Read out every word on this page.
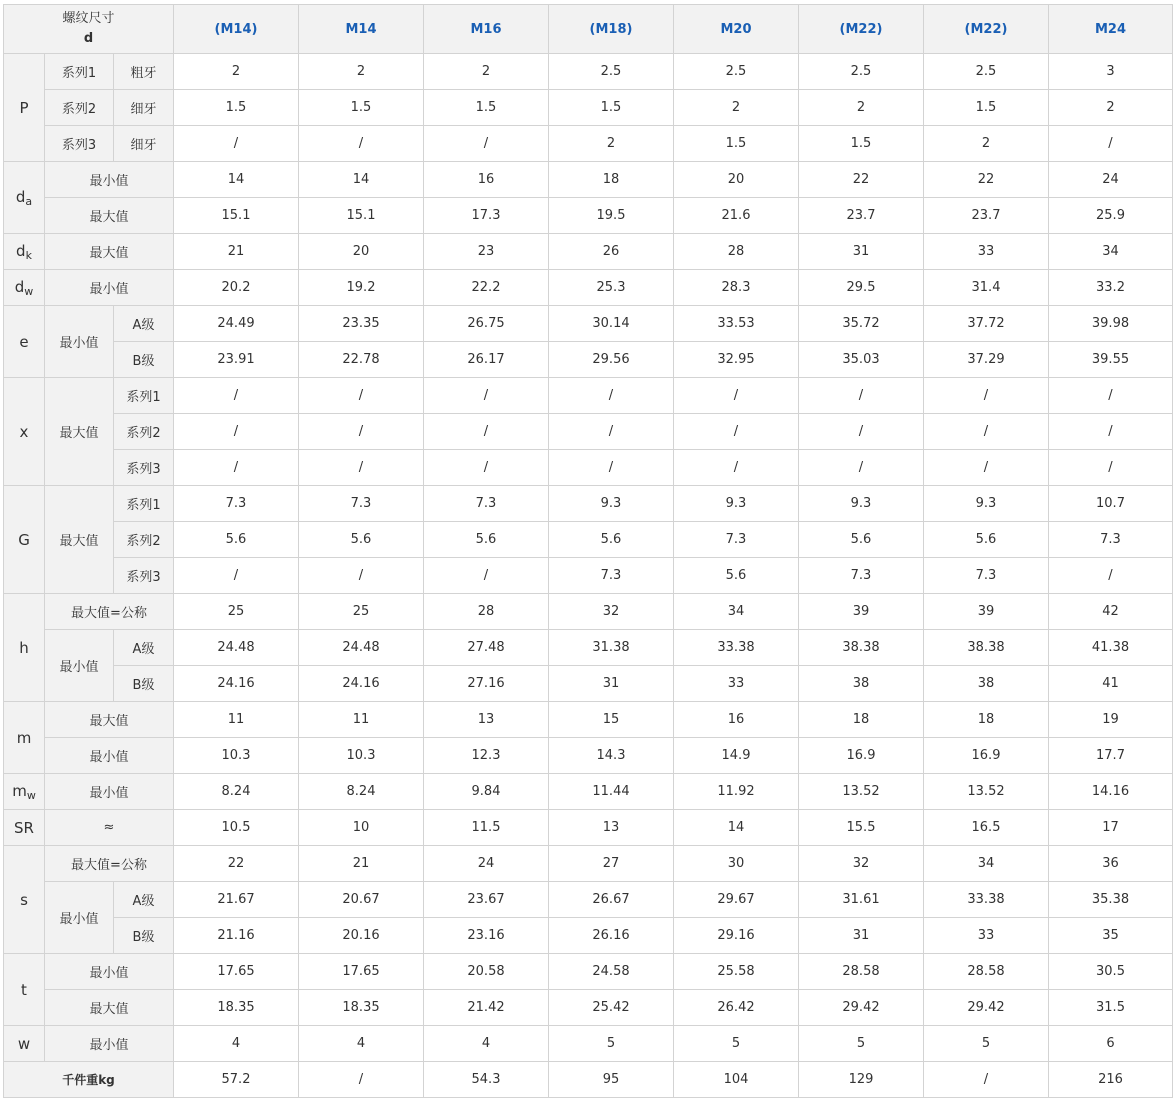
螺纹尺寸
d			(M14)	M14	M16	(M18)	M20	(M22)	(M22)	M24
P	系列1	粗牙	2	2	2	2.5	2.5	2.5	2.5	3
	系列2	细牙	1.5	1.5	1.5	1.5	2	2	1.5	2
	系列3	细牙	/	/	/	2	1.5	1.5	2	/
$d_a$	最小值		14	14	16	18	20	22	22	24
	最大值		15.1	15.1	17.3	19.5	21.6	23.7	23.7	25.9
$d_k$	最大值		21	20	23	26	28	31	33	34
$d_w$	最小值		20.2	19.2	22.2	25.3	28.3	29.5	31.4	33.2
e	最小值	A级	24.49	23.35	26.75	30.14	33.53	35.72	37.72	39.98
		B级	23.91	22.78	26.17	29.56	32.95	35.03	37.29	39.55
x	最大值	系列1	/	/	/	/	/	/	/	/
		系列2	/	/	/	/	/	/	/	/
		系列3	/	/	/	/	/	/	/	/
G	最大值	系列1	7.3	7.3	7.3	9.3	9.3	9.3	9.3	10.7
		系列2	5.6	5.6	5.6	5.6	7.3	5.6	5.6	7.3
		系列3	/	/	/	7.3	5.6	7.3	7.3	/
h	最大值=公称		25	25	28	32	34	39	39	42
	最小值	A级	24.48	24.48	27.48	31.38	33.38	38.38	38.38	41.38
		B级	24.16	24.16	27.16	31	33	38	38	41
m	最大值		11	11	13	15	16	18	18	19
	最小值		10.3	10.3	12.3	14.3	14.9	16.9	16.9	17.7
$m_w$	最小值		8.24	8.24	9.84	11.44	11.92	13.52	13.52	14.16
SR	≈		10.5	10	11.5	13	14	15.5	16.5	17
s	最大值=公称		22	21	24	27	30	32	34	36
	最小值	A级	21.67	20.67	23.67	26.67	29.67	31.61	33.38	35.38
		B级	21.16	20.16	23.16	26.16	29.16	31	33	35
t	最小值		17.65	17.65	20.58	24.58	25.58	28.58	28.58	30.5
	最大值		18.35	18.35	21.42	25.42	26.42	29.42	29.42	31.5
w	最小值		4	4	4	5	5	5	5	6
千件重kg			57.2	/	54.3	95	104	129	/	216
